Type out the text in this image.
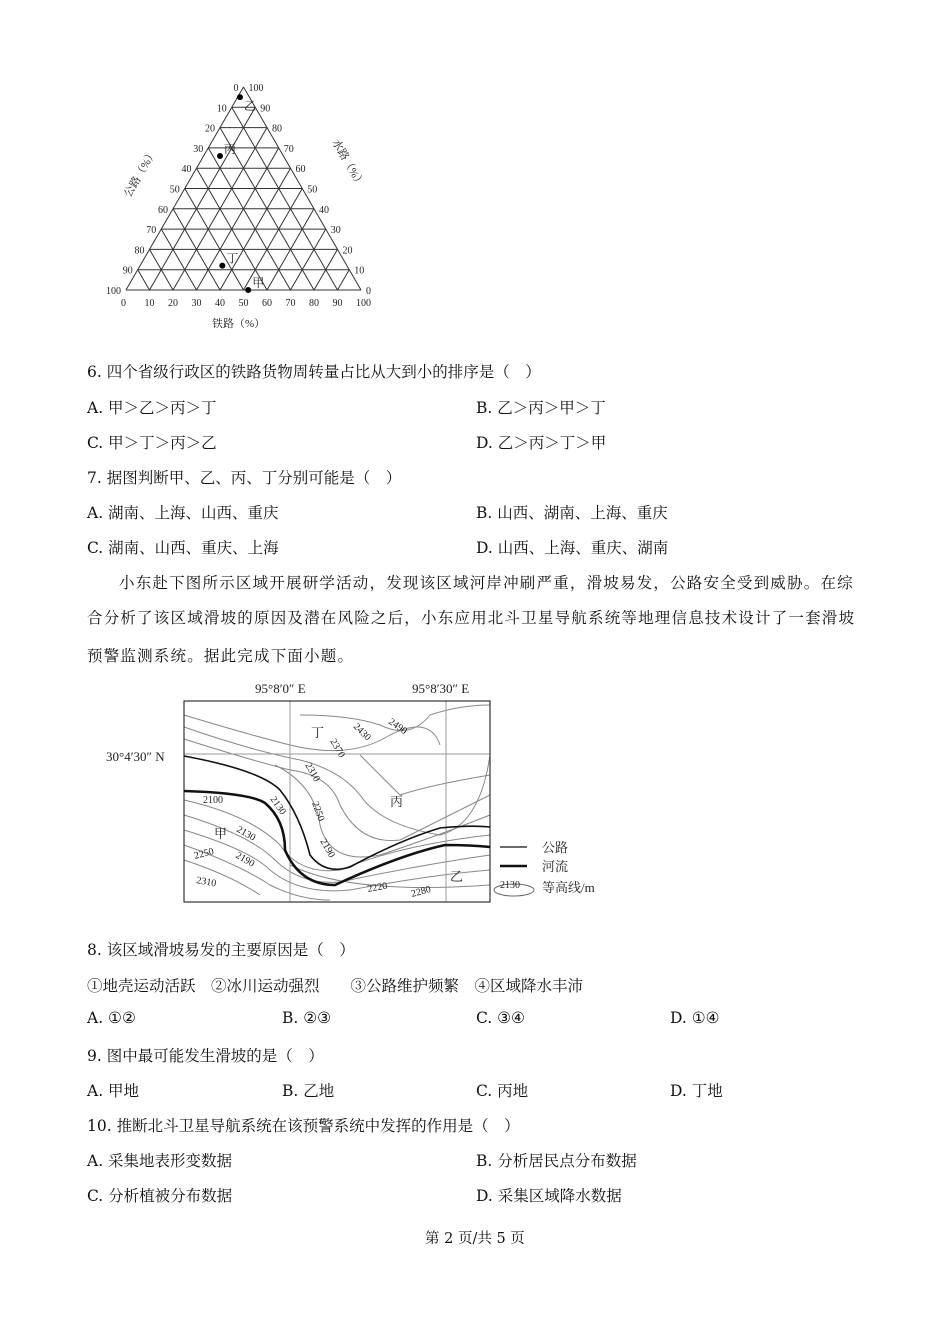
0
0
0
10
10
10
20
20
20
30
30
30
40
40
40
50
50	50
60
60
60
70
70
70
80
80
80
90
90
90
100
100
100
铁路（%）
公路（%）	水路（%）
甲
乙
丙
丁
6. 四个省级行政区的铁路货物周转量占比从大到小的排序是（　）
A. 甲＞乙＞丙＞丁	B. 乙＞丙＞甲＞丁
C. 甲＞丁＞丙＞乙	D. 乙＞丙＞丁＞甲
7. 据图判断甲、乙、丙、丁分别可能是（　）
A. 湖南、上海、山西、重庆	B. 山西、湖南、上海、重庆
C. 湖南、山西、重庆、上海	D. 山西、上海、重庆、湖南
小东赴下图所示区域开展研学活动，发现该区域河岸冲刷严重，滑坡易发，公路安全受到威胁。在综
合分析了该区域滑坡的原因及潜在风险之后，小东应用北斗卫星导航系统等地理信息技术设计了一套滑坡
预警监测系统。据此完成下面小题。
95°8′0″ E	95°8′30″ E
30°4′30″ N
2100	2130
2130
2190
2250
2310
2190
2250
2310
2370
2430 2490
2220 2280
甲
乙
丙
丁
公路
河流
2130 等高线/m
8. 该区域滑坡易发的主要原因是（　）
①地壳运动活跃　②冰川运动强烈　　③公路维护频繁　④区域降水丰沛
A. ①②	B. ②③	C. ③④	D. ①④
9. 图中最可能发生滑坡的是（　）
A. 甲地	B. 乙地	C. 丙地	D. 丁地
10. 推断北斗卫星导航系统在该预警系统中发挥的作用是（　）
A. 采集地表形变数据	B. 分析居民点分布数据
C. 分析植被分布数据	D. 采集区域降水数据
第 2 页/共 5 页
